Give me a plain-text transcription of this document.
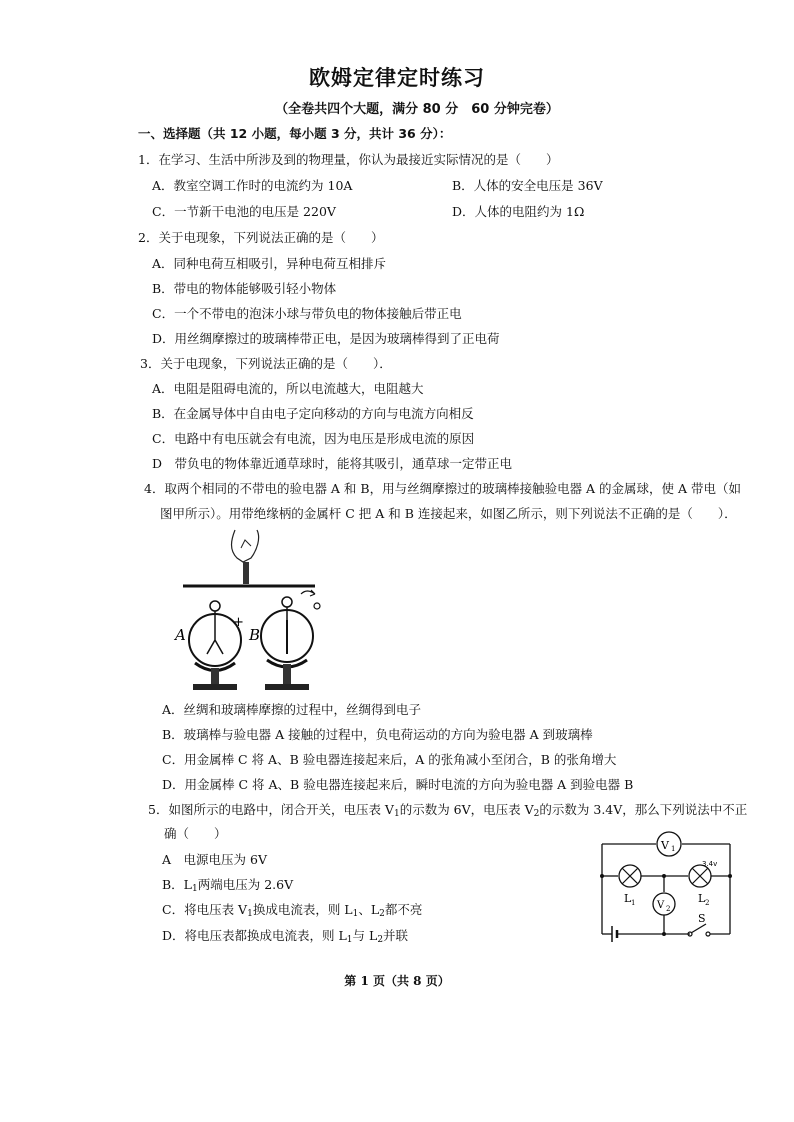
欧姆定律定时练习
（全卷共四个大题，满分 80 分　60 分钟完卷）
一、选择题（共 12 小题，每小题 3 分，共计 36 分）：
1．在学习、生活中所涉及到的物理量，你认为最接近实际情况的是（　　）
A．教室空调工作时的电流约为 10A	B．人体的安全电压是 36V
C．一节新干电池的电压是 220V	D．人体的电阻约为 1Ω
2．关于电现象，下列说法正确的是（　　）
A．同种电荷互相吸引，异种电荷互相排斥
B．带电的物体能够吸引轻小物体
C．一个不带电的泡沫小球与带负电的物体接触后带正电
D．用丝绸摩擦过的玻璃棒带正电，是因为玻璃棒得到了正电荷
3．关于电现象，下列说法正确的是（　　）．
A．电阻是阻碍电流的，所以电流越大，电阻越大
B．在金属导体中自由电子定向移动的方向与电流方向相反
C．电路中有电压就会有电流，因为电压是形成电流的原因
D　带负电的物体靠近通草球时，能将其吸引，通草球一定带正电
4．取两个相同的不带电的验电器 A 和 B，用与丝绸摩擦过的玻璃棒接触验电器 A 的金属球，使 A 带电（如
图甲所示）。用带绝缘柄的金属杆 C 把 A 和 B 连接起来，如图乙所示，则下列说法不正确的是（　　）．
A
+
B
A．丝绸和玻璃棒摩擦的过程中，丝绸得到电子
B．玻璃棒与验电器 A 接触的过程中，负电荷运动的方向为验电器 A 到玻璃棒
C．用金属棒 C 将 A、B 验电器连接起来后，A 的张角减小至闭合，B 的张角增大
D．用金属棒 C 将 A、B 验电器连接起来后，瞬时电流的方向为验电器 A 到验电器 B
5．如图所示的电路中，闭合开关，电压表 $V_1$的示数为 6V，电压表 $V_2$的示数为 3.4V，那么下列说法中不正
确（　　）
A　电源电压为 6V
B．$L_1$两端电压为 2.6V
C．将电压表 $V_1$换成电流表，则 $L_1$、$L_2$都不亮
D．将电压表都换成电流表，则 $L_1$与 $L_2$并联
V 1
L 1	L 2
3.4v
V 2
S
第 1 页（共 8 页）
